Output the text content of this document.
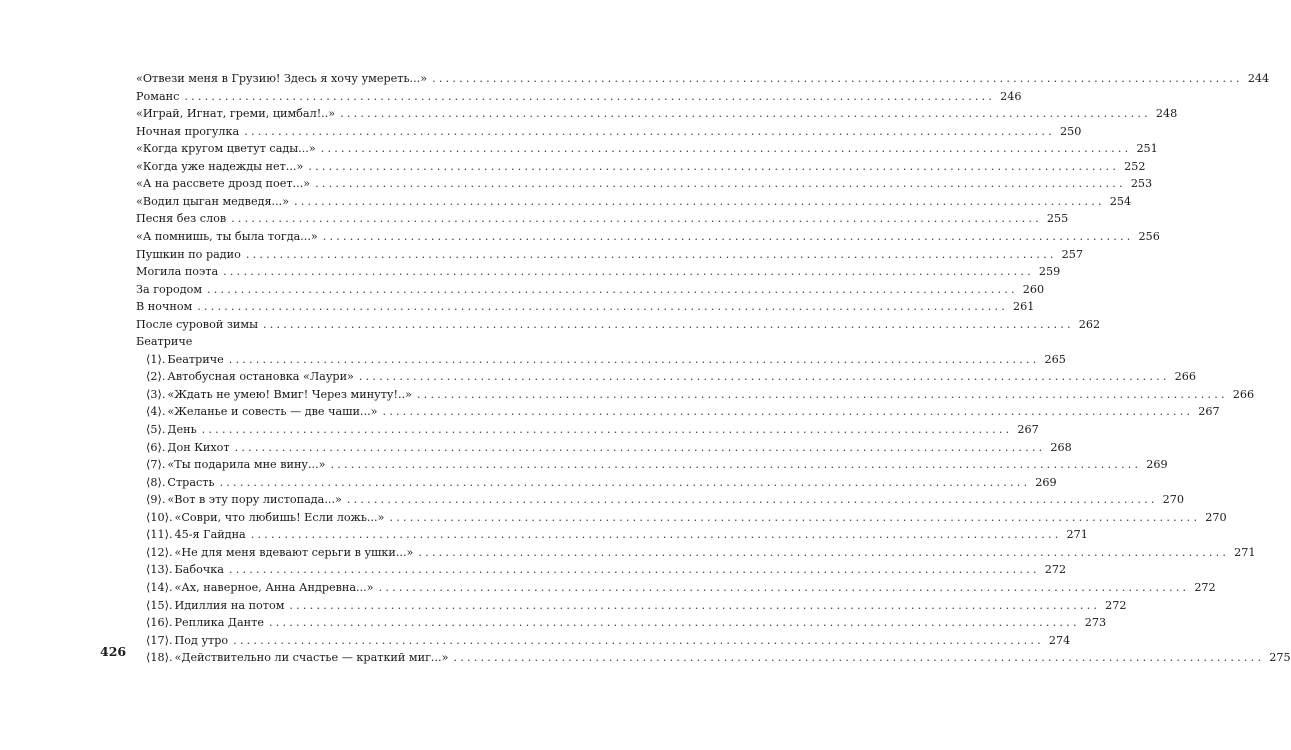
«Отвези меня в Грузию! Здесь я хочу умереть...» ........................................................................................................................ 244
Романс ........................................................................................................................ 246
«Играй, Игнат, греми, цимбал!..» ........................................................................................................................ 248
Ночная прогулка ........................................................................................................................ 250
«Когда кругом цветут сады...» ........................................................................................................................ 251
«Когда уже надежды нет...» ........................................................................................................................ 252
«А на рассвете дрозд поет...» ........................................................................................................................ 253
«Водил цыган медведя...» ........................................................................................................................ 254
Песня без слов ........................................................................................................................ 255
«А помнишь, ты была тогда...» ........................................................................................................................ 256
Пушкин по радио ........................................................................................................................ 257
Могила поэта ........................................................................................................................ 259
За городом ........................................................................................................................ 260
В ночном ........................................................................................................................ 261
После суровой зимы ........................................................................................................................ 262
Беатриче
⟨1⟩. Беатриче ........................................................................................................................ 265
⟨2⟩. Автобусная остановка «Лаури» ........................................................................................................................ 266
⟨3⟩. «Ждать не умею! Вмиг! Через минуту!..» ........................................................................................................................ 266
⟨4⟩. «Желанье и совесть — две чаши...» ........................................................................................................................ 267
⟨5⟩. День ........................................................................................................................ 267
⟨6⟩. Дон Кихот ........................................................................................................................ 268
⟨7⟩. «Ты подарила мне вину...» ........................................................................................................................ 269
⟨8⟩. Страсть ........................................................................................................................ 269
⟨9⟩. «Вот в эту пору листопада...» ........................................................................................................................ 270
⟨10⟩. «Соври, что любишь! Если ложь...» ........................................................................................................................ 270
⟨11⟩. 45-я Гайдна ........................................................................................................................ 271
⟨12⟩. «Не для меня вдевают серьги в ушки...» ........................................................................................................................ 271
⟨13⟩. Бабочка ........................................................................................................................ 272
⟨14⟩. «Ах, наверное, Анна Андревна...» ........................................................................................................................ 272
⟨15⟩. Идиллия на потом ........................................................................................................................ 272
⟨16⟩. Реплика Данте ........................................................................................................................ 273
⟨17⟩. Под утро ........................................................................................................................ 274
⟨18⟩. «Действительно ли счастье — краткий миг...» ........................................................................................................................ 275
426
